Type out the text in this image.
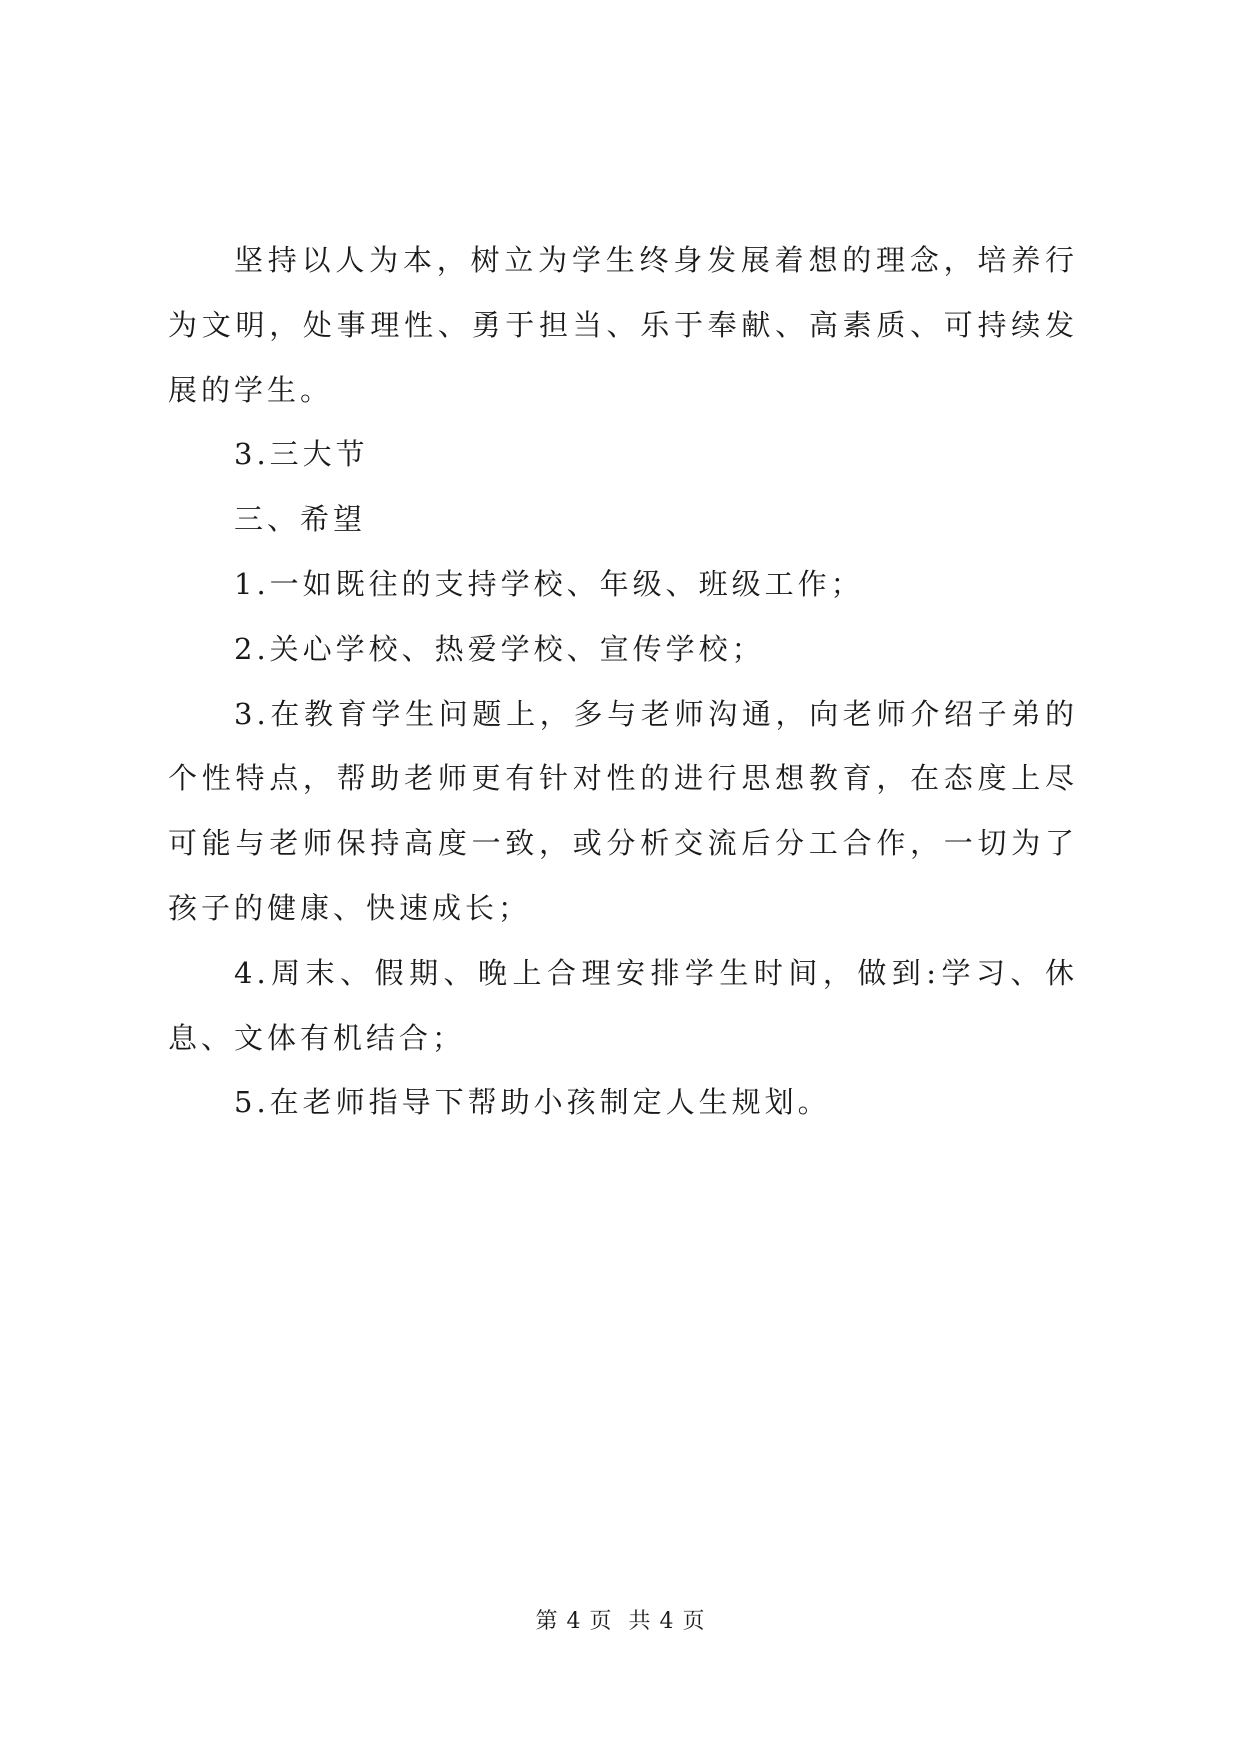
坚持以人为本，树立为学生终身发展着想的理念，培养行为文明，处事理性、勇于担当、乐于奉献、高素质、可持续发展的学生。

3.三大节

三、希望

1.一如既往的支持学校、年级、班级工作；

2.关心学校、热爱学校、宣传学校；

3.在教育学生问题上，多与老师沟通，向老师介绍子弟的个性特点，帮助老师更有针对性的进行思想教育，在态度上尽可能与老师保持高度一致，或分析交流后分工合作，一切为了孩子的健康、快速成长；

4.周末、假期、晚上合理安排学生时间，做到:学习、休息、文体有机结合；

5.在老师指导下帮助小孩制定人生规划。

第 4 页  共 4 页
